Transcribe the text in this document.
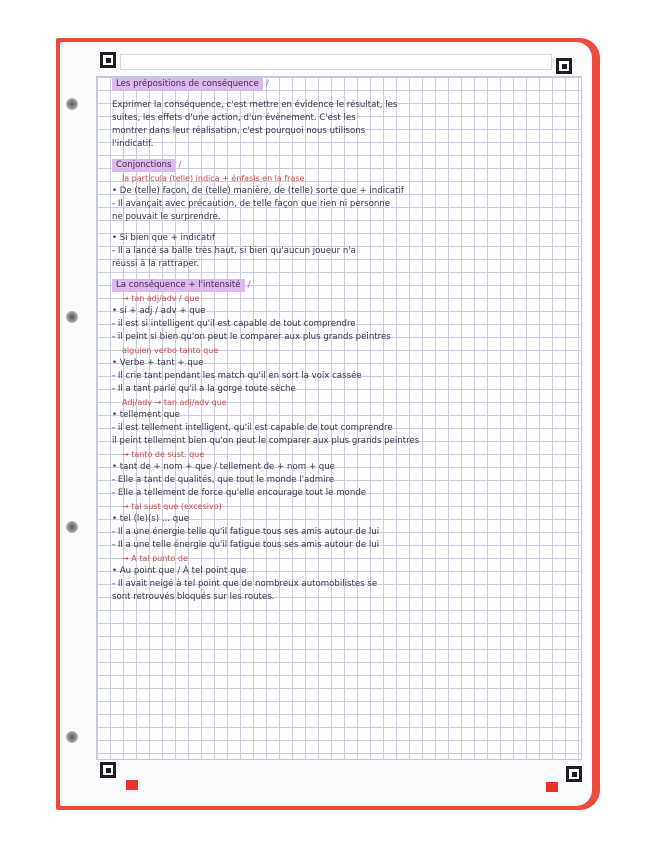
Les prépositions de conséquence /
Exprimer la conséquence, c'est mettre en évidence le résultat, les
suites, les effets d'une action, d'un évènement. C'est les
montrer dans leur réalisation, c'est pourquoi nous utilisons
l'indicatif.
Conjonctions /
la partícula (telle) indica + énfasis en la frase
• De (telle) façon, de (telle) manière, de (telle) sorte que + indicatif
- Il avançait avec précaution, de telle façon que rien ni personne
ne pouvait le surprendre.
• Si bien que + indicatif
- Il a lancé sa balle très haut, si bien qu'aucun joueur n'a
réussi à la rattraper.
La conséquence + l'intensité /
→ tan adj/adv / que
• si + adj / adv + que
- il est si intelligent qu'il est capable de tout comprendre
- il peint si bien qu'on peut le comparer aux plus grands peintres
alguien verbo tanto que
• Verbe + tant + que
- Il crie tant pendant les match qu'il en sort la voix cassée
- Il a tant parlé qu'il a la gorge toute sèche
Adj/adv → tan adj/adv que
• tellement que
- il est tellement intelligent, qu'il est capable de tout comprendre
il peint tellement bien qu'on peut le comparer aux plus grands peintres
→ tanto de sust. que
• tant de + nom + que / tellement de + nom + que
- Elle a tant de qualités, que tout le monde l'admire
- Elle a tellement de force qu'elle encourage tout le monde
→ tal sust que (excesivo)
• tel (le)(s) ... que
- Il a une énergie telle qu'il fatigue tous ses amis autour de lui
- Il a une telle énergie qu'il fatigue tous ses amis autour de lui
→ A tal punto de
• Au point que / À tel point que
- Il avait neigé à tel point que de nombreux automobilistes se
sont retrouvés bloqués sur les routes.
